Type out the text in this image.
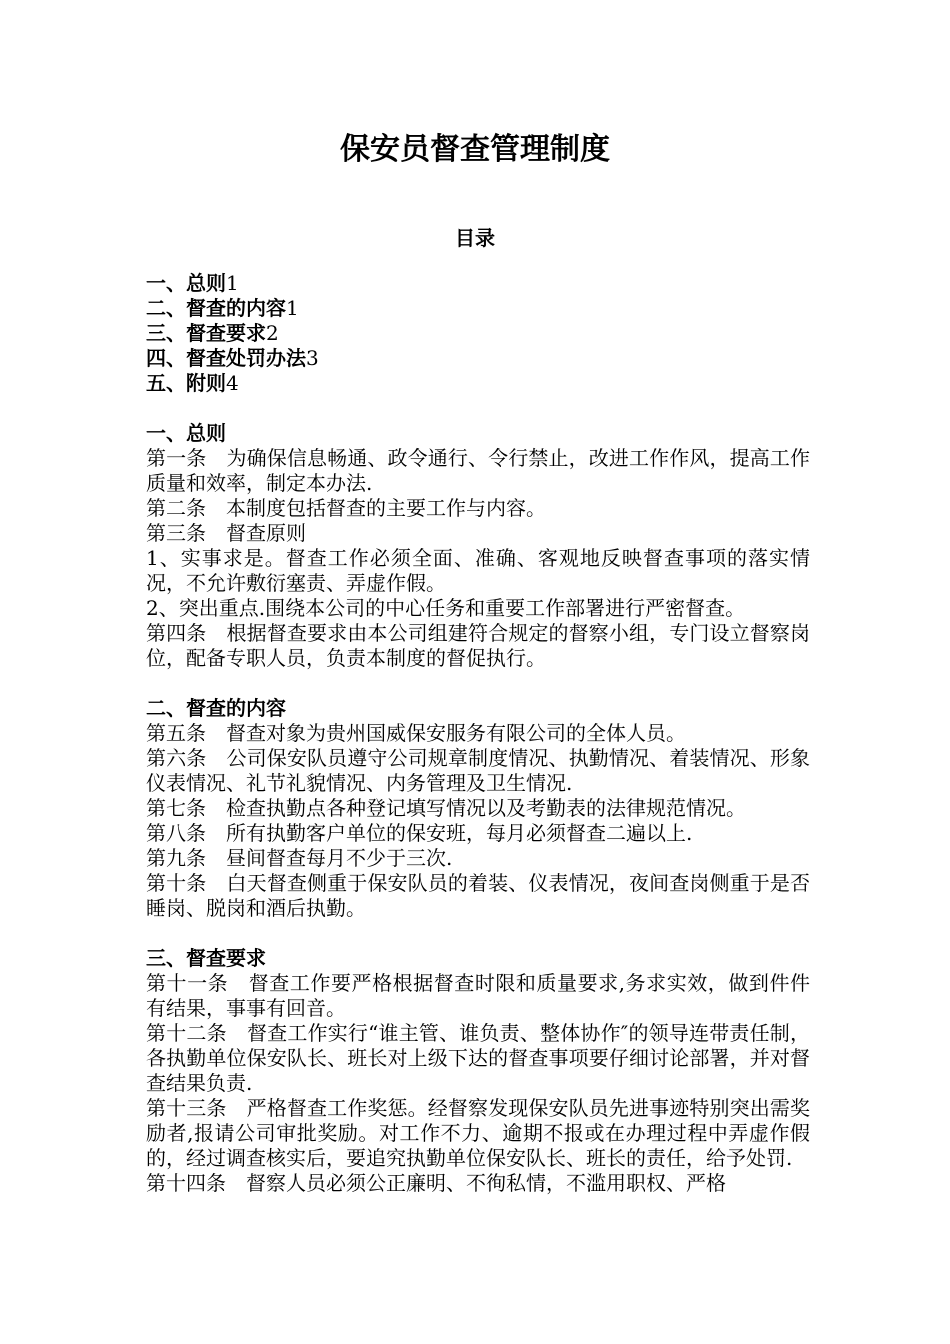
保安员督查管理制度
目录
一、总则1
二、督查的内容1
三、督查要求2
四、督查处罚办法3
五、附则4
一、总则

第一条　为确保信息畅通、政令通行、令行禁止，改进工作作风，提高工作质量和效率，制定本办法.

第二条　本制度包括督查的主要工作与内容。

第三条　督查原则

1、实事求是。督查工作必须全面、准确、客观地反映督查事项的落实情况，不允许敷衍塞责、弄虚作假。

2、突出重点.围绕本公司的中心任务和重要工作部署进行严密督查。

第四条　根据督查要求由本公司组建符合规定的督察小组，专门设立督察岗位，配备专职人员，负责本制度的督促执行。

二、督查的内容

第五条　督查对象为贵州国威保安服务有限公司的全体人员。

第六条　公司保安队员遵守公司规章制度情况、执勤情况、着装情况、形象仪表情况、礼节礼貌情况、内务管理及卫生情况.

第七条　检查执勤点各种登记填写情况以及考勤表的法律规范情况。

第八条　所有执勤客户单位的保安班，每月必须督查二遍以上.

第九条　昼间督查每月不少于三次.

第十条　白天督查侧重于保安队员的着装、仪表情况，夜间查岗侧重于是否睡岗、脱岗和酒后执勤。

三、督查要求

第十一条　督查工作要严格根据督查时限和质量要求,务求实效，做到件件有结果，事事有回音。

第十二条　督查工作实行“谁主管、谁负责、整体协作″的领导连带责任制，各执勤单位保安队长、班长对上级下达的督查事项要仔细讨论部署，并对督查结果负责.

第十三条　严格督查工作奖惩。经督察发现保安队员先进事迹特别突出需奖励者,报请公司审批奖励。对工作不力、逾期不报或在办理过程中弄虚作假的，经过调查核实后，要追究执勤单位保安队长、班长的责任，给予处罚.

第十四条　督察人员必须公正廉明、不徇私情，不滥用职权、严格
